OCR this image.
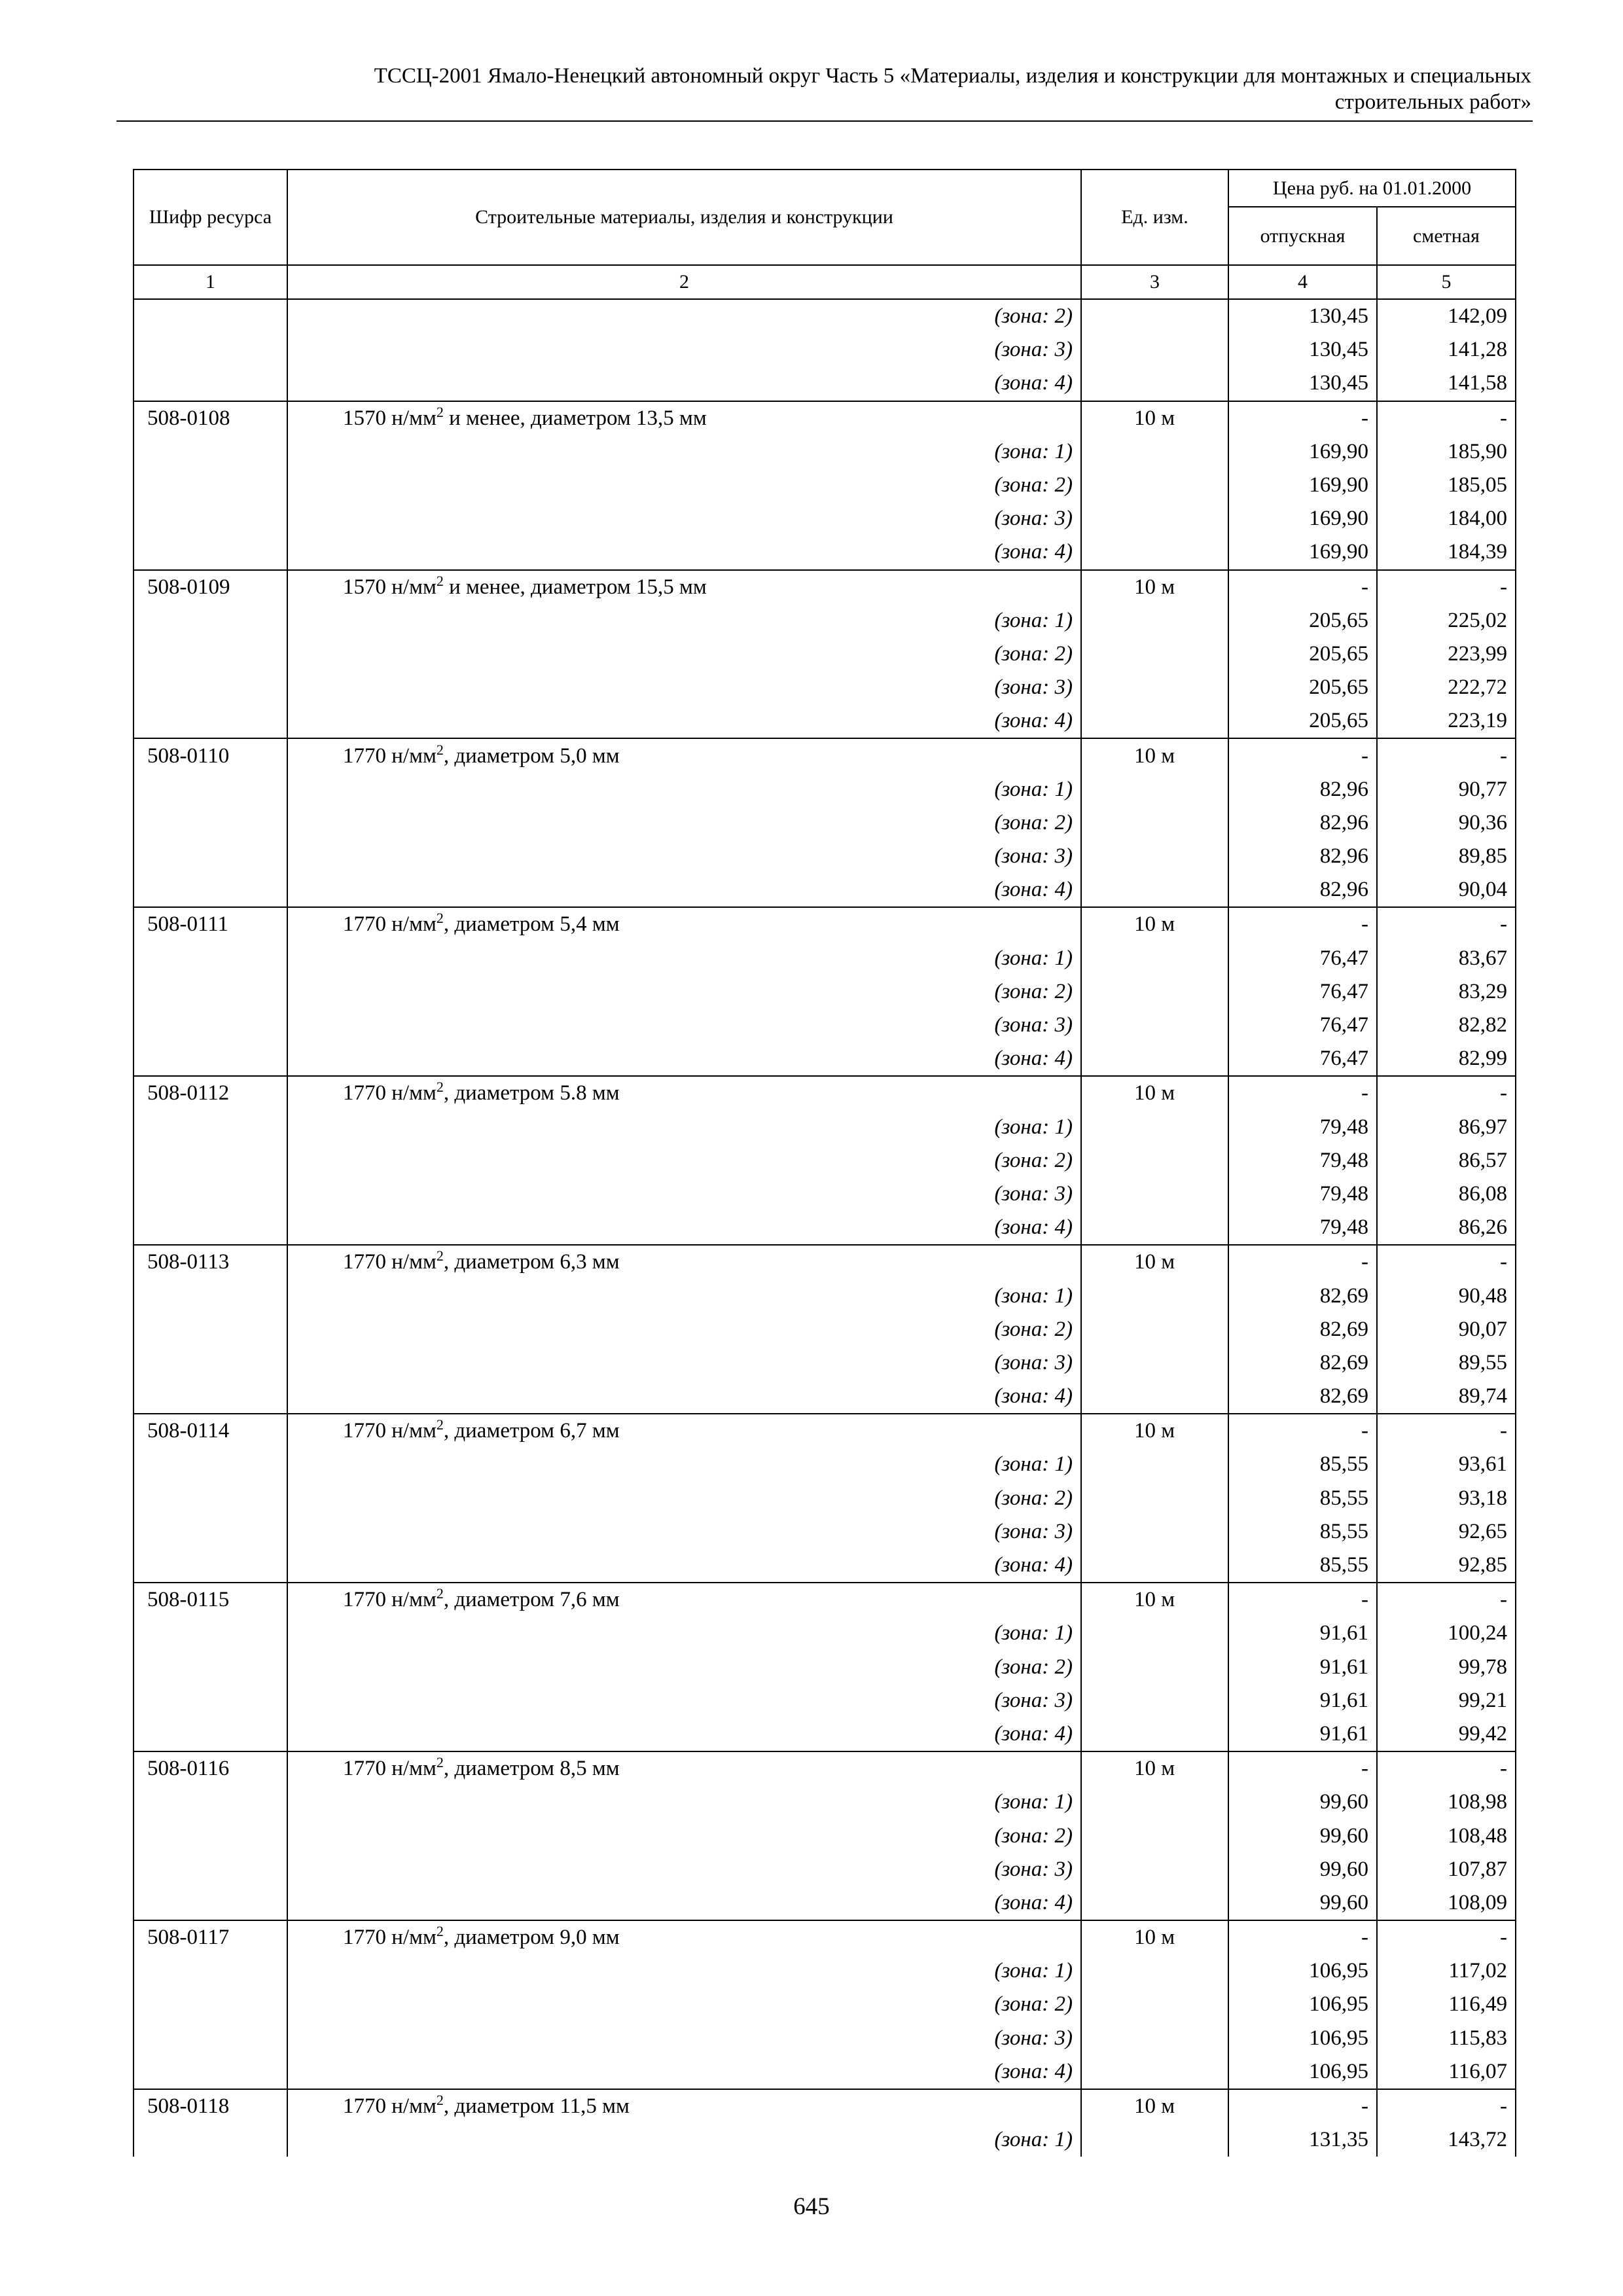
ТССЦ-2001 Ямало-Ненецкий автономный округ Часть 5 «Материалы, изделия и конструкции для монтажных и специальных
строительных работ»
Шифр ресурса	Строительные материалы, изделия и конструкции	Ед. изм.	Цена руб. на 01.01.2000	
			отпускная	сметная
1	2	3	4	5
	(зона: 2)		130,45	142,09
	(зона: 3)		130,45	141,28
	(зона: 4)		130,45	141,58
508-0108	1570 $н/мм^2$ и менее, диаметром 13,5 мм	10 м	-	-
	(зона: 1)		169,90	185,90
	(зона: 2)		169,90	185,05
	(зона: 3)		169,90	184,00
	(зона: 4)		169,90	184,39
508-0109	1570 $н/мм^2$ и менее, диаметром 15,5 мм	10 м	-	-
	(зона: 1)		205,65	225,02
	(зона: 2)		205,65	223,99
	(зона: 3)		205,65	222,72
	(зона: 4)		205,65	223,19
508-0110	1770 $н/мм^2$, диаметром 5,0 мм	10 м	-	-
	(зона: 1)		82,96	90,77
	(зона: 2)		82,96	90,36
	(зона: 3)		82,96	89,85
	(зона: 4)		82,96	90,04
508-0111	1770 $н/мм^2$, диаметром 5,4 мм	10 м	-	-
	(зона: 1)		76,47	83,67
	(зона: 2)		76,47	83,29
	(зона: 3)		76,47	82,82
	(зона: 4)		76,47	82,99
508-0112	1770 $н/мм^2$, диаметром 5.8 мм	10 м	-	-
	(зона: 1)		79,48	86,97
	(зона: 2)		79,48	86,57
	(зона: 3)		79,48	86,08
	(зона: 4)		79,48	86,26
508-0113	1770 $н/мм^2$, диаметром 6,3 мм	10 м	-	-
	(зона: 1)		82,69	90,48
	(зона: 2)		82,69	90,07
	(зона: 3)		82,69	89,55
	(зона: 4)		82,69	89,74
508-0114	1770 $н/мм^2$, диаметром 6,7 мм	10 м	-	-
	(зона: 1)		85,55	93,61
	(зона: 2)		85,55	93,18
	(зона: 3)		85,55	92,65
	(зона: 4)		85,55	92,85
508-0115	1770 $н/мм^2$, диаметром 7,6 мм	10 м	-	-
	(зона: 1)		91,61	100,24
	(зона: 2)		91,61	99,78
	(зона: 3)		91,61	99,21
	(зона: 4)		91,61	99,42
508-0116	1770 $н/мм^2$, диаметром 8,5 мм	10 м	-	-
	(зона: 1)		99,60	108,98
	(зона: 2)		99,60	108,48
	(зона: 3)		99,60	107,87
	(зона: 4)		99,60	108,09
508-0117	1770 $н/мм^2$, диаметром 9,0 мм	10 м	-	-
	(зона: 1)		106,95	117,02
	(зона: 2)		106,95	116,49
	(зона: 3)		106,95	115,83
	(зона: 4)		106,95	116,07
508-0118	1770 $н/мм^2$, диаметром 11,5 мм	10 м	-	-
	(зона: 1)		131,35	143,72
645
